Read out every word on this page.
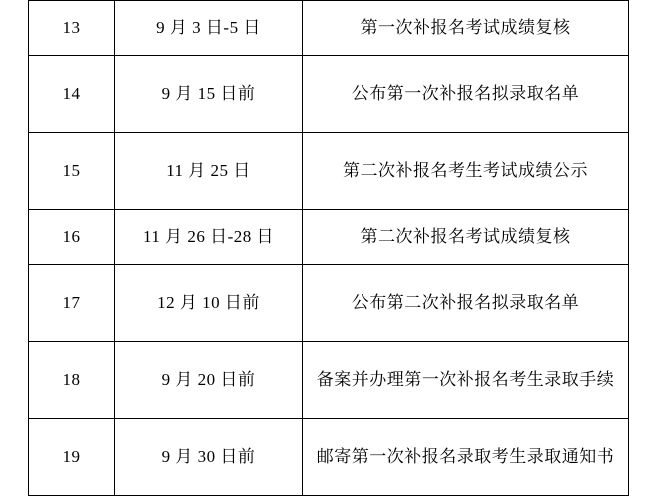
13	9 月 3 日-5 日	第一次补报名考试成绩复核
14	9 月 15 日前	公布第一次补报名拟录取名单
15	11 月 25 日	第二次补报名考生考试成绩公示
16	11 月 26 日-28 日	第二次补报名考试成绩复核
17	12 月 10 日前	公布第二次补报名拟录取名单
18	9 月 20 日前	备案并办理第一次补报名考生录取手续
19	9 月 30 日前	邮寄第一次补报名录取考生录取通知书
